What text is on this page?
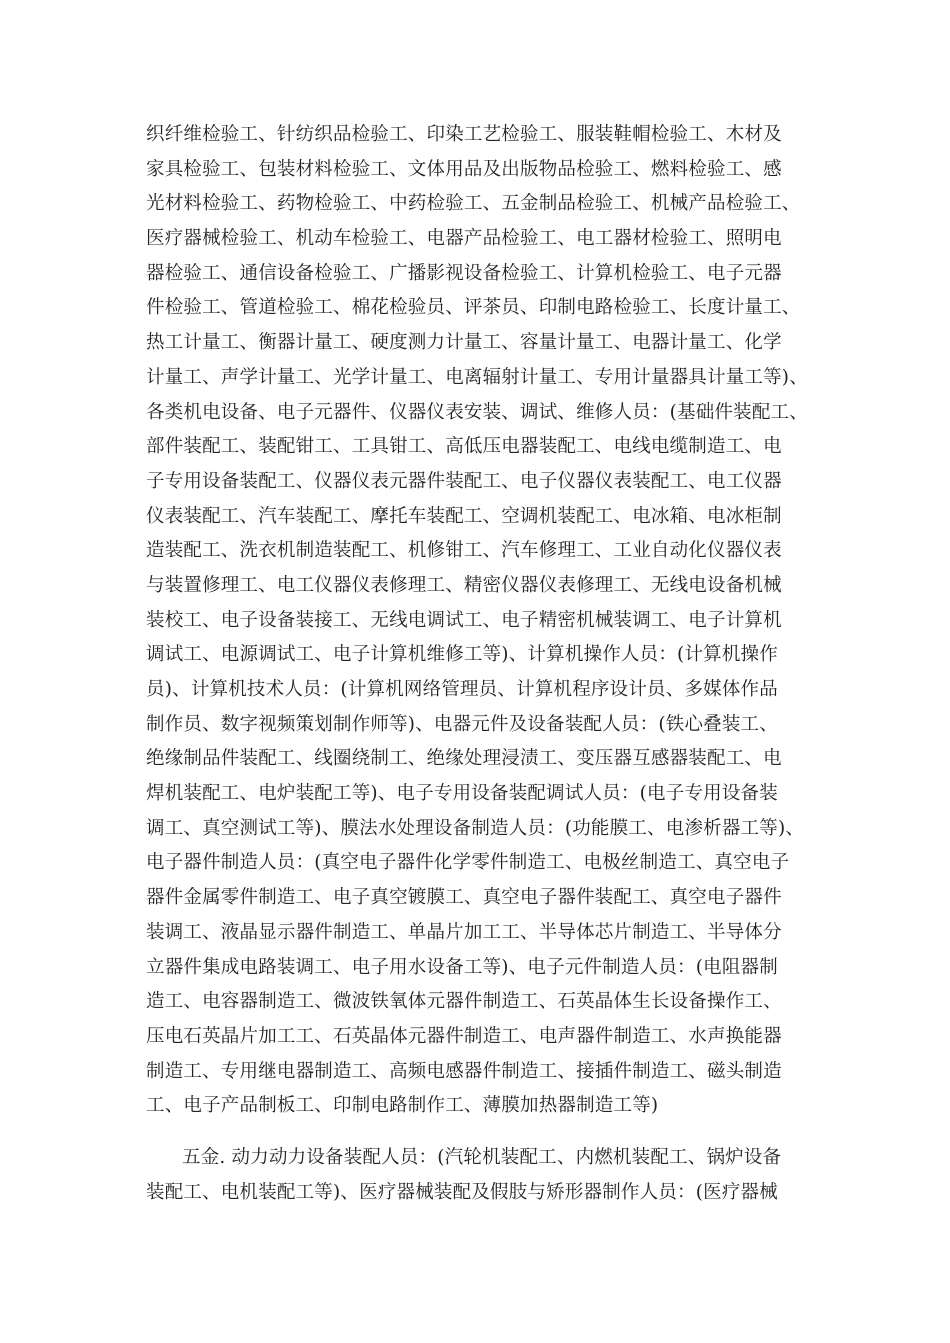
织纤维检验工、针纺织品检验工、印染工艺检验工、服装鞋帽检验工、木材及
家具检验工、包装材料检验工、文体用品及出版物品检验工、燃料检验工、感
光材料检验工、药物检验工、中药检验工、五金制品检验工、机械产品检验工、
医疗器械检验工、机动车检验工、电器产品检验工、电工器材检验工、照明电
器检验工、通信设备检验工、广播影视设备检验工、计算机检验工、电子元器
件检验工、管道检验工、棉花检验员、评茶员、印制电路检验工、长度计量工、
热工计量工、衡器计量工、硬度测力计量工、容量计量工、电器计量工、化学
计量工、声学计量工、光学计量工、电离辐射计量工、专用计量器具计量工等)、
各类机电设备、电子元器件、仪器仪表安装、调试、维修人员：(基础件装配工、
部件装配工、装配钳工、工具钳工、高低压电器装配工、电线电缆制造工、电
子专用设备装配工、仪器仪表元器件装配工、电子仪器仪表装配工、电工仪器
仪表装配工、汽车装配工、摩托车装配工、空调机装配工、电冰箱、电冰柜制
造装配工、洗衣机制造装配工、机修钳工、汽车修理工、工业自动化仪器仪表
与装置修理工、电工仪器仪表修理工、精密仪器仪表修理工、无线电设备机械
装校工、电子设备装接工、无线电调试工、电子精密机械装调工、电子计算机
调试工、电源调试工、电子计算机维修工等)、计算机操作人员：(计算机操作
员)、计算机技术人员：(计算机网络管理员、计算机程序设计员、多媒体作品
制作员、数字视频策划制作师等)、电器元件及设备装配人员：(铁心叠装工、
绝缘制品件装配工、线圈绕制工、绝缘处理浸渍工、变压器互感器装配工、电
焊机装配工、电炉装配工等)、电子专用设备装配调试人员：(电子专用设备装
调工、真空测试工等)、膜法水处理设备制造人员：(功能膜工、电渗析器工等)、
电子器件制造人员：(真空电子器件化学零件制造工、电极丝制造工、真空电子
器件金属零件制造工、电子真空镀膜工、真空电子器件装配工、真空电子器件
装调工、液晶显示器件制造工、单晶片加工工、半导体芯片制造工、半导体分
立器件集成电路装调工、电子用水设备工等)、电子元件制造人员：(电阻器制
造工、电容器制造工、微波铁氧体元器件制造工、石英晶体生长设备操作工、
压电石英晶片加工工、石英晶体元器件制造工、电声器件制造工、水声换能器
制造工、专用继电器制造工、高频电感器件制造工、接插件制造工、磁头制造
工、电子产品制板工、印制电路制作工、薄膜加热器制造工等)
五金. 动力动力设备装配人员：(汽轮机装配工、内燃机装配工、锅炉设备
装配工、电机装配工等)、医疗器械装配及假肢与矫形器制作人员：(医疗器械
